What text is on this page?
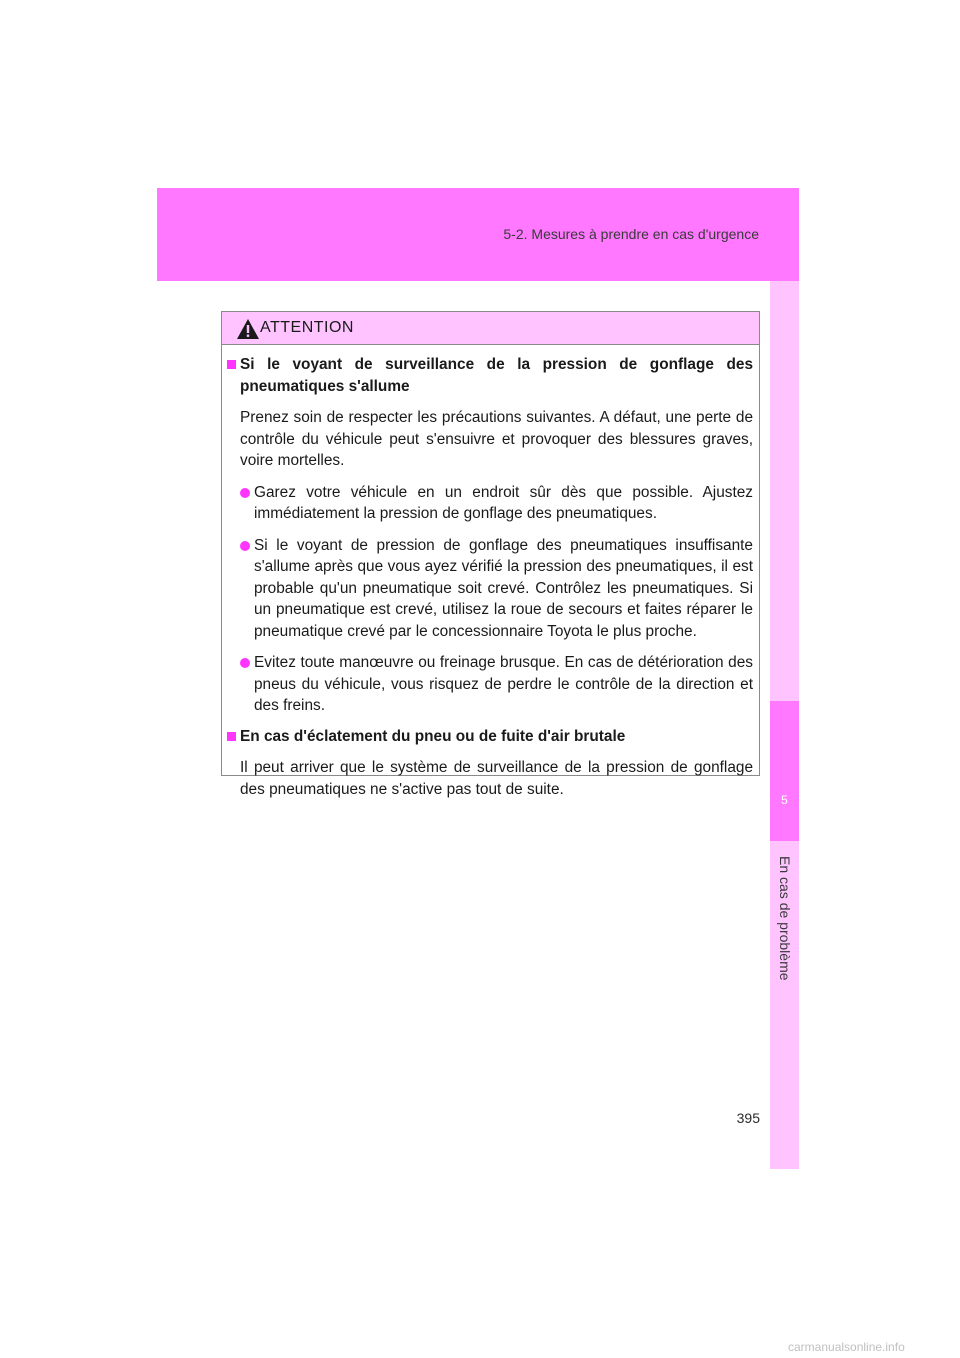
5-2. Mesures à prendre en cas d'urgence
5
En cas de problème
ATTENTION
Si le voyant de surveillance de la pression de gonflage des pneumatiques s'allume
Prenez soin de respecter les précautions suivantes. A défaut, une perte de contrôle du véhicule peut s'ensuivre et provoquer des blessures graves, voire mortelles.
Garez votre véhicule en un endroit sûr dès que possible. Ajustez immédiatement la pression de gonflage des pneumatiques.
Si le voyant de pression de gonflage des pneumatiques insuffisante s'allume après que vous ayez vérifié la pression des pneumatiques, il est probable qu'un pneumatique soit crevé. Contrôlez les pneumatiques. Si un pneumatique est crevé, utilisez la roue de secours et faites réparer le pneumatique crevé par le concessionnaire Toyota le plus proche.
Evitez toute manœuvre ou freinage brusque. En cas de détérioration des pneus du véhicule, vous risquez de perdre le contrôle de la direction et des freins.
En cas d'éclatement du pneu ou de fuite d'air brutale
Il peut arriver que le système de surveillance de la pression de gonflage des pneumatiques ne s'active pas tout de suite.
395
carmanualsonline.info
